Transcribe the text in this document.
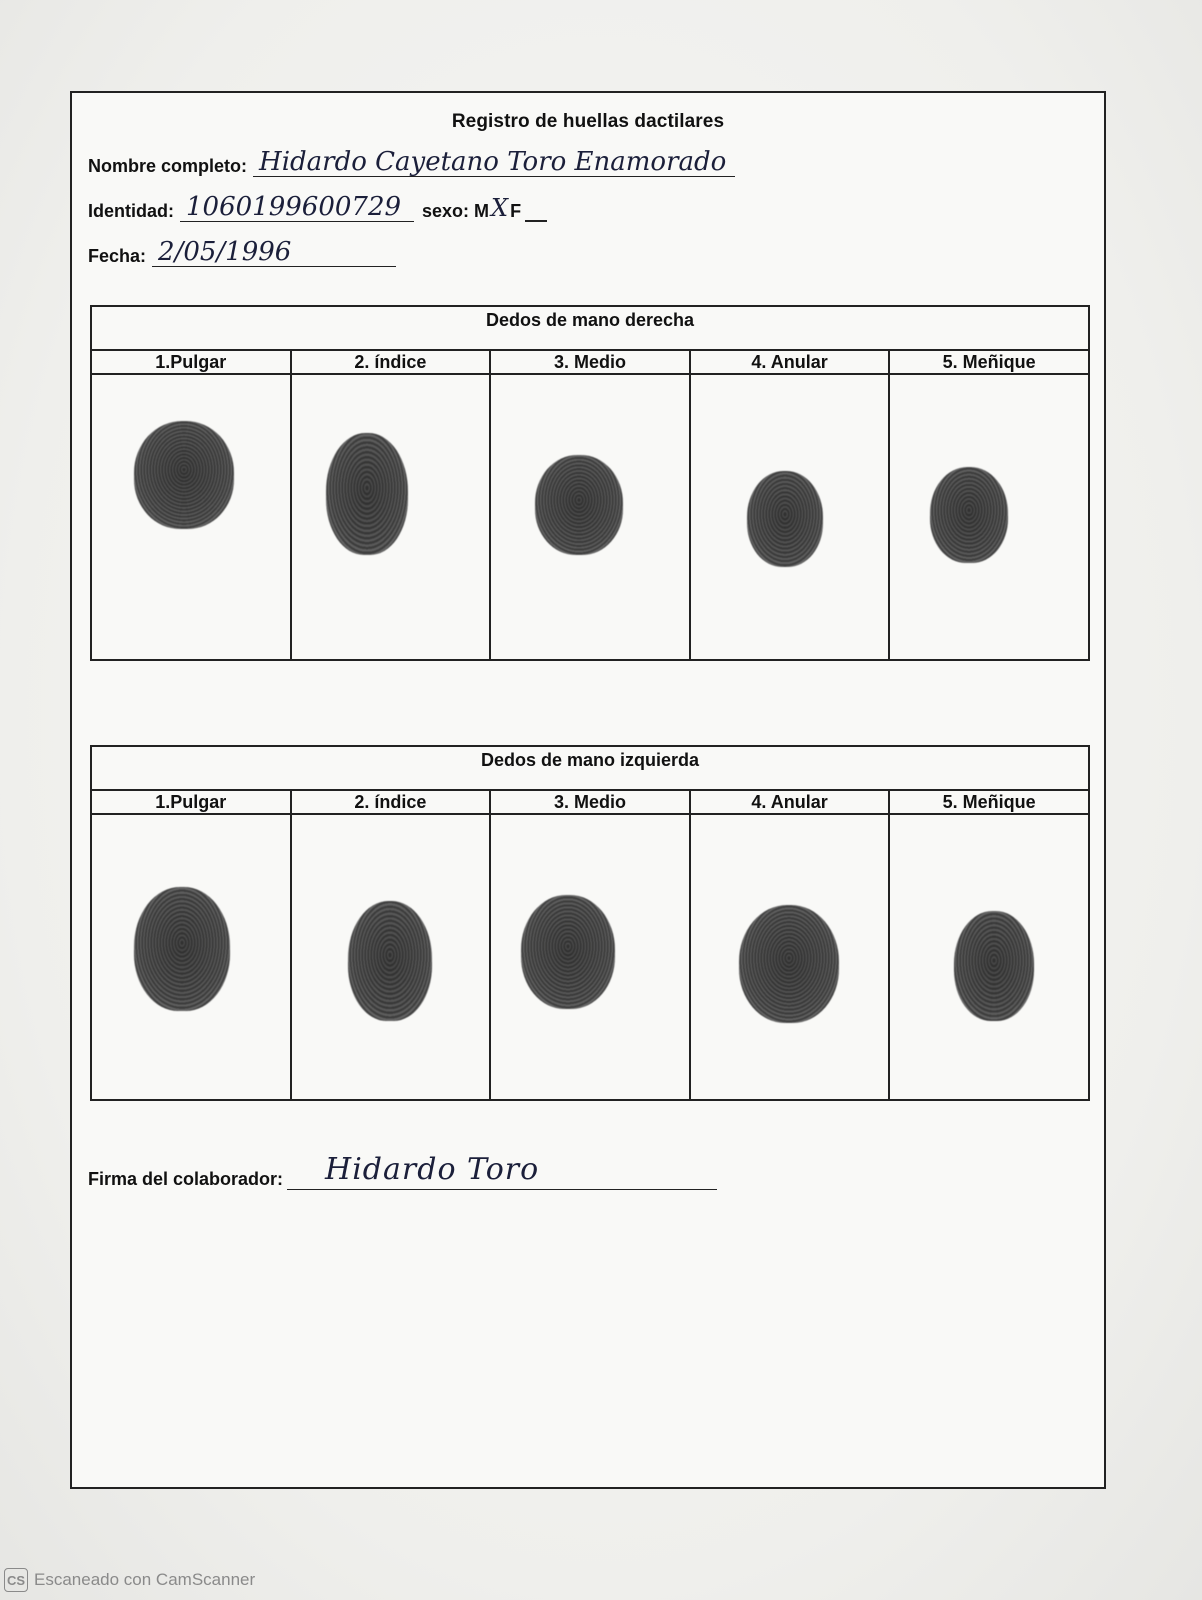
Registro de huellas dactilares
Nombre completo: Hidardo Cayetano Toro Enamorado
Identidad: 1060199600729	sexo: M X F
Fecha: 2/05/1996
Dedos de mano derecha
1.Pulgar	2. índice	3. Medio	4. Anular	5. Meñique
Dedos de mano izquierda
1.Pulgar	2. índice	3. Medio	4. Anular	5. Meñique
Firma del colaborador: Hidardo Toro
CS Escaneado con CamScanner
